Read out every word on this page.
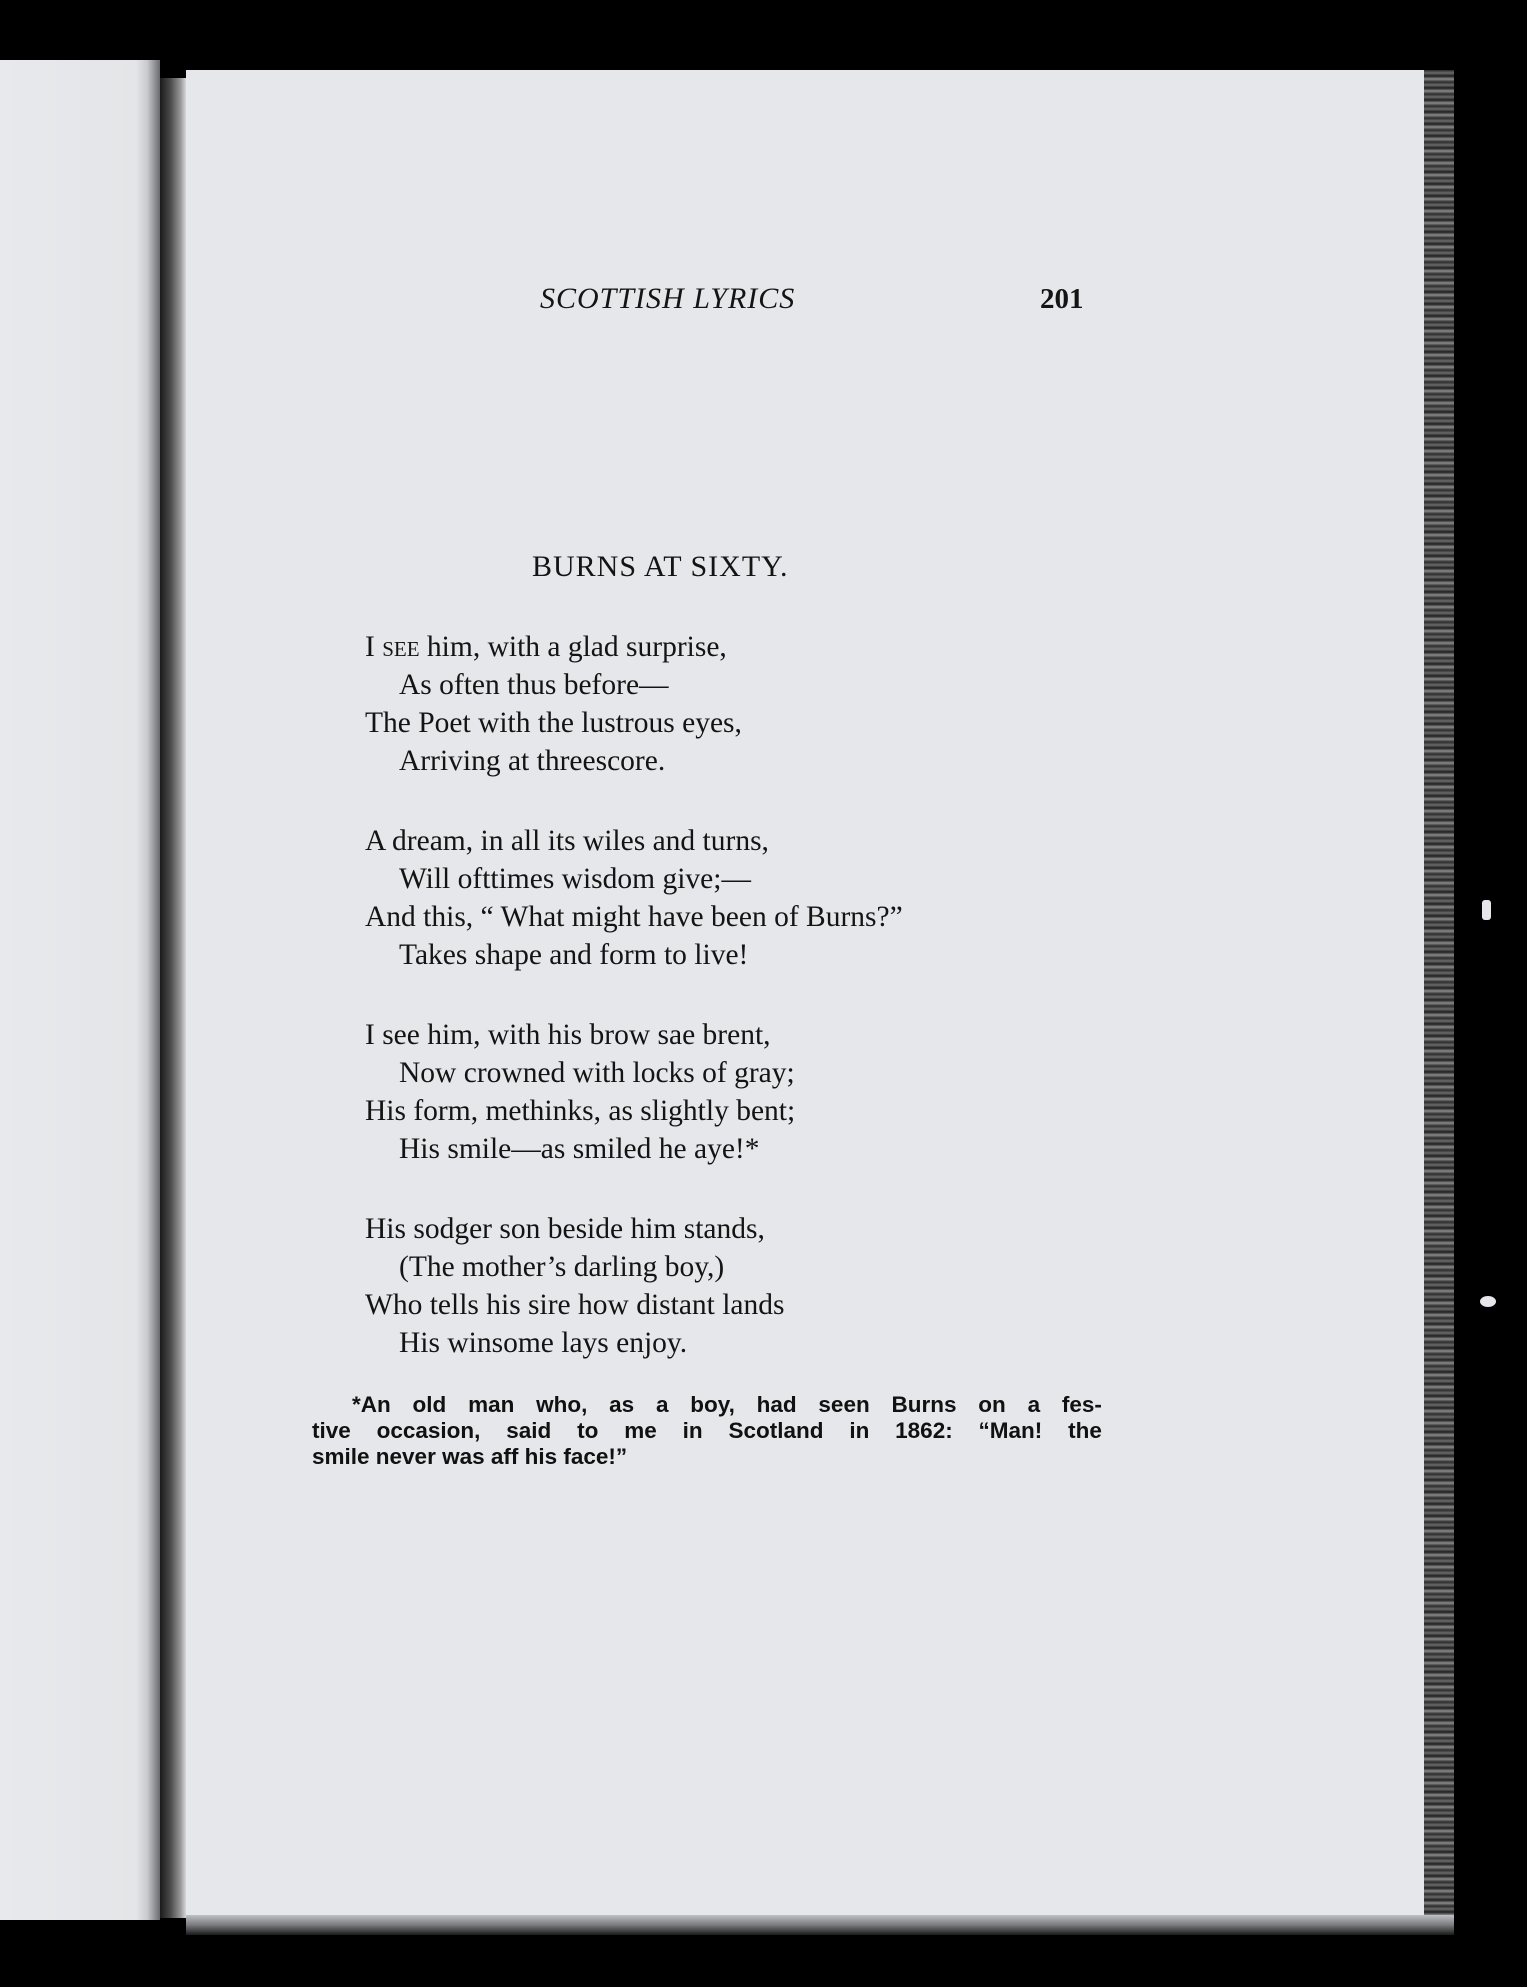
SCOTTISH LYRICS	201
BURNS AT SIXTY.
I see him, with a glad surprise,
As often thus before—
The Poet with the lustrous eyes,
Arriving at threescore.
A dream, in all its wiles and turns,
Will ofttimes wisdom give;—
And this, “ What might have been of Burns?”
Takes shape and form to live!
I see him, with his brow sae brent,
Now crowned with locks of gray;
His form, methinks, as slightly bent;
His smile—as smiled he aye!*
His sodger son beside him stands,
(The mother’s darling boy,)
Who tells his sire how distant lands
His winsome lays enjoy.
*An old man who, as a boy, had seen Burns on a fes-
tive occasion, said to me in Scotland in 1862: “Man! the
smile never was aff his face!”
